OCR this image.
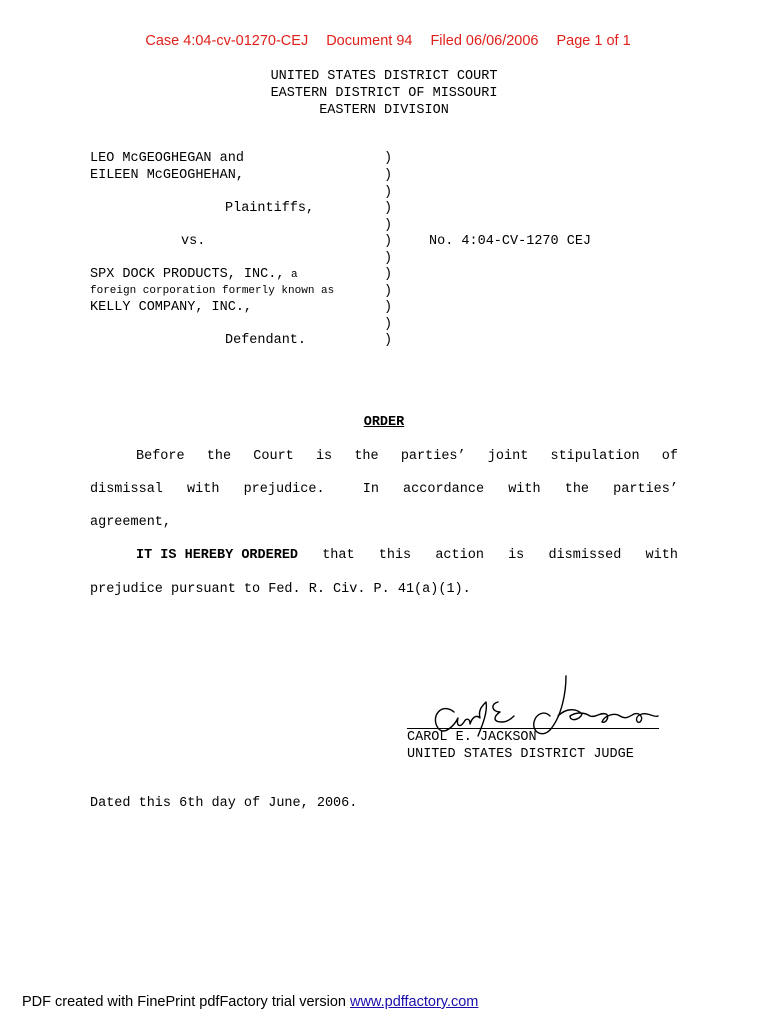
Case 4:04-cv-01270-CEJ Document 94 Filed 06/06/2006 Page 1 of 1

UNITED STATES DISTRICT COURT
EASTERN DISTRICT OF MISSOURI
EASTERN DIVISION
LEO McGEOGHEGAN and
EILEEN McGEOGHEHAN,
Plaintiffs,
vs.
SPX DOCK PRODUCTS, INC., a
foreign corporation formerly known as
KELLY COMPANY, INC.,
Defendant.
)
)
)
)
)
)
)
)
)
)
)
)
No. 4:04-CV-1270 CEJ
ORDER
Before the Court is the parties’ joint stipulation of
dismissal with prejudice.	In accordance with the parties’
agreement,
IT IS HEREBY ORDERED that this action is dismissed with
prejudice pursuant to Fed. R. Civ. P. 41(a)(1).
CAROL E. JACKSON
UNITED STATES DISTRICT JUDGE
Dated this 6th day of June, 2006.
PDF created with FinePrint pdfFactory trial version www.pdffactory.com
